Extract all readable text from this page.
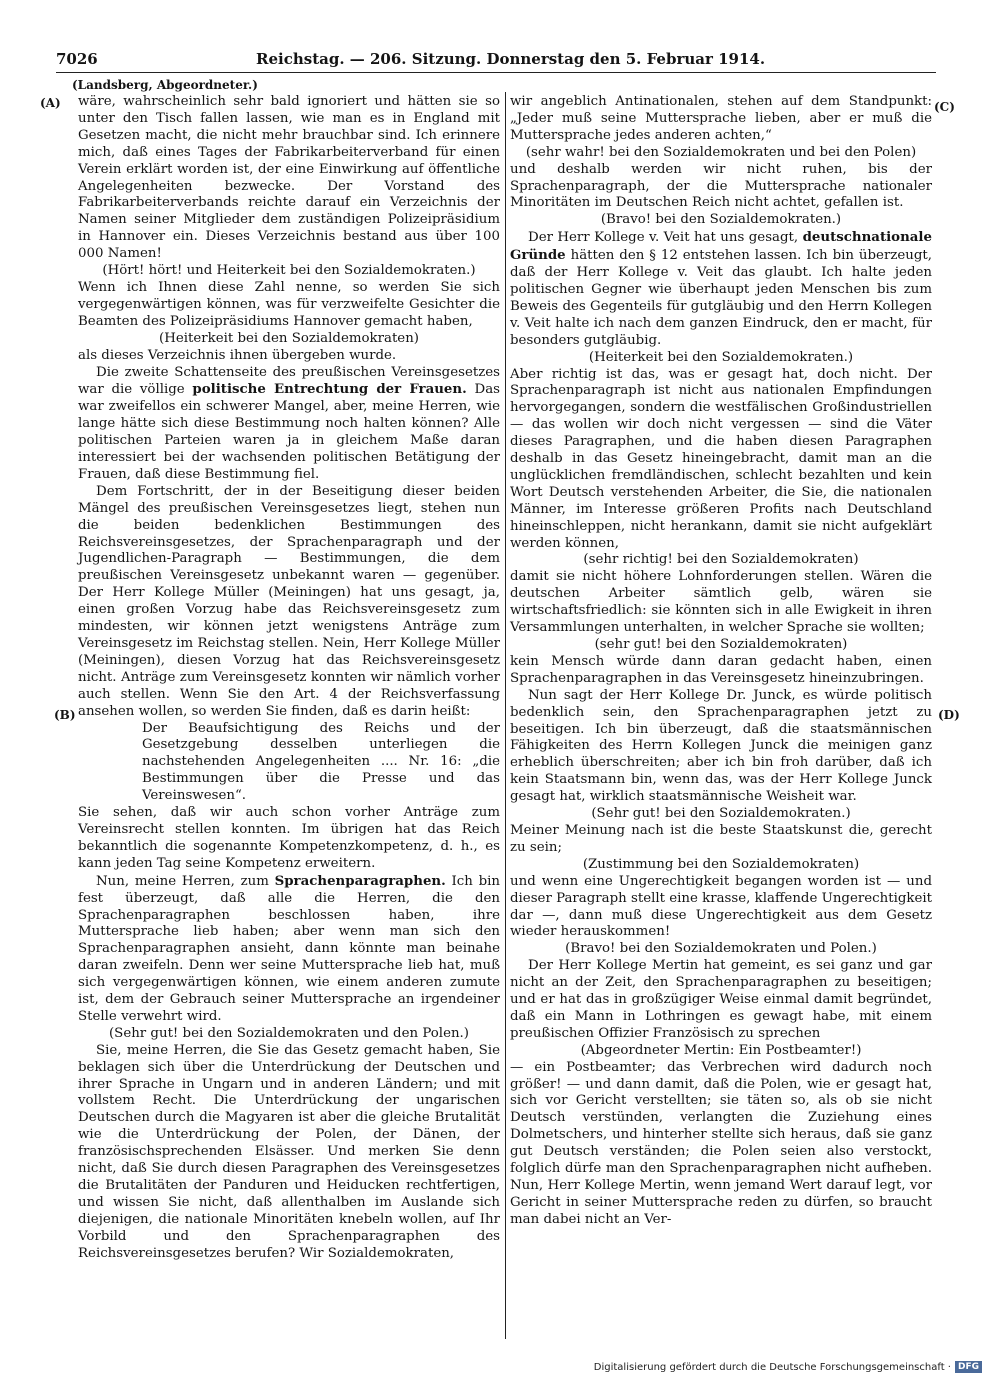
7026	Reichstag. — 206. Sitzung. Donnerstag den 5. Februar 1914.
(Landsberg, Abgeordneter.)
(A)
(B)
(C)
(D)

wäre, wahrscheinlich sehr bald ignoriert und hätten sie so unter den Tisch fallen lassen, wie man es in England mit Gesetzen macht, die nicht mehr brauchbar sind. Ich erinnere mich, daß eines Tages der Fabrikarbeiterverband für einen Verein erklärt worden ist, der eine Einwirkung auf öffentliche Angelegenheiten bezwecke. Der Vorstand des Fabrikarbeiterverbands reichte darauf ein Verzeichnis der Namen seiner Mitglieder dem zuständigen Polizeipräsidium in Hannover ein. Dieses Verzeichnis bestand aus über 100 000 Namen!

(Hört! hört! und Heiterkeit bei den Sozialdemokraten.)

Wenn ich Ihnen diese Zahl nenne, so werden Sie sich vergegenwärtigen können, was für verzweifelte Gesichter die Beamten des Polizeipräsidiums Hannover gemacht haben,

(Heiterkeit bei den Sozialdemokraten)

als dieses Verzeichnis ihnen übergeben wurde.

Die zweite Schattenseite des preußischen Vereinsgesetzes war die völlige politische Entrechtung der Frauen. Das war zweifellos ein schwerer Mangel, aber, meine Herren, wie lange hätte sich diese Bestimmung noch halten können? Alle politischen Parteien waren ja in gleichem Maße daran interessiert bei der wachsenden politischen Betätigung der Frauen, daß diese Bestimmung fiel.

Dem Fortschritt, der in der Beseitigung dieser beiden Mängel des preußischen Vereinsgesetzes liegt, stehen nun die beiden bedenklichen Bestimmungen des Reichsvereinsgesetzes, der Sprachenparagraph und der Jugendlichen-Paragraph — Bestimmungen, die dem preußischen Vereinsgesetz unbekannt waren — gegenüber. Der Herr Kollege Müller (Meiningen) hat uns gesagt, ja, einen großen Vorzug habe das Reichsvereinsgesetz zum mindesten, wir können jetzt wenigstens Anträge zum Vereinsgesetz im Reichstag stellen. Nein, Herr Kollege Müller (Meiningen), diesen Vorzug hat das Reichsvereinsgesetz nicht. Anträge zum Vereinsgesetz konnten wir nämlich vorher auch stellen. Wenn Sie den Art. 4 der Reichsverfassung ansehen wollen, so werden Sie finden, daß es darin heißt:

Der Beaufsichtigung des Reichs und der Gesetzgebung desselben unterliegen die nachstehenden Angelegenheiten .... Nr. 16: „die Bestimmungen über die Presse und das Vereinswesen“.

Sie sehen, daß wir auch schon vorher Anträge zum Vereinsrecht stellen konnten. Im übrigen hat das Reich bekanntlich die sogenannte Kompetenzkompetenz, d. h., es kann jeden Tag seine Kompetenz erweitern.

Nun, meine Herren, zum Sprachenparagraphen. Ich bin fest überzeugt, daß alle die Herren, die den Sprachenparagraphen beschlossen haben, ihre Muttersprache lieb haben; aber wenn man sich den Sprachenparagraphen ansieht, dann könnte man beinahe daran zweifeln. Denn wer seine Muttersprache lieb hat, muß sich vergegenwärtigen können, wie einem anderen zumute ist, dem der Gebrauch seiner Muttersprache an irgendeiner Stelle verwehrt wird.

(Sehr gut! bei den Sozialdemokraten und den Polen.)

Sie, meine Herren, die Sie das Gesetz gemacht haben, Sie beklagen sich über die Unterdrückung der Deutschen und ihrer Sprache in Ungarn und in anderen Ländern; und mit vollstem Recht. Die Unterdrückung der ungarischen Deutschen durch die Magyaren ist aber die gleiche Brutalität wie die Unterdrückung der Polen, der Dänen, der französischsprechenden Elsässer. Und merken Sie denn nicht, daß Sie durch diesen Paragraphen des Vereinsgesetzes die Brutalitäten der Panduren und Heiducken rechtfertigen, und wissen Sie nicht, daß allenthalben im Auslande sich diejenigen, die nationale Minoritäten knebeln wollen, auf Ihr Vorbild und den Sprachenparagraphen des Reichsvereinsgesetzes berufen? Wir Sozialdemokraten,

wir angeblich Antinationalen, stehen auf dem Standpunkt: „Jeder muß seine Muttersprache lieben, aber er muß die Muttersprache jedes anderen achten,“

(sehr wahr! bei den Sozialdemokraten und bei den Polen)

und deshalb werden wir nicht ruhen, bis der Sprachenparagraph, der die Muttersprache nationaler Minoritäten im Deutschen Reich nicht achtet, gefallen ist.

(Bravo! bei den Sozialdemokraten.)

Der Herr Kollege v. Veit hat uns gesagt, deutschnationale Gründe hätten den § 12 entstehen lassen. Ich bin überzeugt, daß der Herr Kollege v. Veit das glaubt. Ich halte jeden politischen Gegner wie überhaupt jeden Menschen bis zum Beweis des Gegenteils für gutgläubig und den Herrn Kollegen v. Veit halte ich nach dem ganzen Eindruck, den er macht, für besonders gutgläubig.

(Heiterkeit bei den Sozialdemokraten.)

Aber richtig ist das, was er gesagt hat, doch nicht. Der Sprachenparagraph ist nicht aus nationalen Empfindungen hervorgegangen, sondern die westfälischen Großindustriellen — das wollen wir doch nicht vergessen — sind die Väter dieses Paragraphen, und die haben diesen Paragraphen deshalb in das Gesetz hineingebracht, damit man an die unglücklichen fremdländischen, schlecht bezahlten und kein Wort Deutsch verstehenden Arbeiter, die Sie, die nationalen Männer, im Interesse größeren Profits nach Deutschland hineinschleppen, nicht herankann, damit sie nicht aufgeklärt werden können,

(sehr richtig! bei den Sozialdemokraten)

damit sie nicht höhere Lohnforderungen stellen. Wären die deutschen Arbeiter sämtlich gelb, wären sie wirtschaftsfriedlich: sie könnten sich in alle Ewigkeit in ihren Versammlungen unterhalten, in welcher Sprache sie wollten;

(sehr gut! bei den Sozialdemokraten)

kein Mensch würde dann daran gedacht haben, einen Sprachenparagraphen in das Vereinsgesetz hineinzubringen.

Nun sagt der Herr Kollege Dr. Junck, es würde politisch bedenklich sein, den Sprachenparagraphen jetzt zu beseitigen. Ich bin überzeugt, daß die staatsmännischen Fähigkeiten des Herrn Kollegen Junck die meinigen ganz erheblich überschreiten; aber ich bin froh darüber, daß ich kein Staatsmann bin, wenn das, was der Herr Kollege Junck gesagt hat, wirklich staatsmännische Weisheit war.

(Sehr gut! bei den Sozialdemokraten.)

Meiner Meinung nach ist die beste Staatskunst die, gerecht zu sein;

(Zustimmung bei den Sozialdemokraten)

und wenn eine Ungerechtigkeit begangen worden ist — und dieser Paragraph stellt eine krasse, klaffende Ungerechtigkeit dar —, dann muß diese Ungerechtigkeit aus dem Gesetz wieder herauskommen!

(Bravo! bei den Sozialdemokraten und Polen.)

Der Herr Kollege Mertin hat gemeint, es sei ganz und gar nicht an der Zeit, den Sprachenparagraphen zu beseitigen; und er hat das in großzügiger Weise einmal damit begründet, daß ein Mann in Lothringen es gewagt habe, mit einem preußischen Offizier Französisch zu sprechen

(Abgeordneter Mertin: Ein Postbeamter!)

— ein Postbeamter; das Verbrechen wird dadurch noch größer! — und dann damit, daß die Polen, wie er gesagt hat, sich vor Gericht verstellten; sie täten so, als ob sie nicht Deutsch verstünden, verlangten die Zuziehung eines Dolmetschers, und hinterher stellte sich heraus, daß sie ganz gut Deutsch verständen; die Polen seien also verstockt, folglich dürfe man den Sprachenparagraphen nicht aufheben. Nun, Herr Kollege Mertin, wenn jemand Wert darauf legt, vor Gericht in seiner Muttersprache reden zu dürfen, so braucht man dabei nicht an Ver-

Digitalisierung gefördert durch die Deutsche Forschungsgemeinschaft · DFG
